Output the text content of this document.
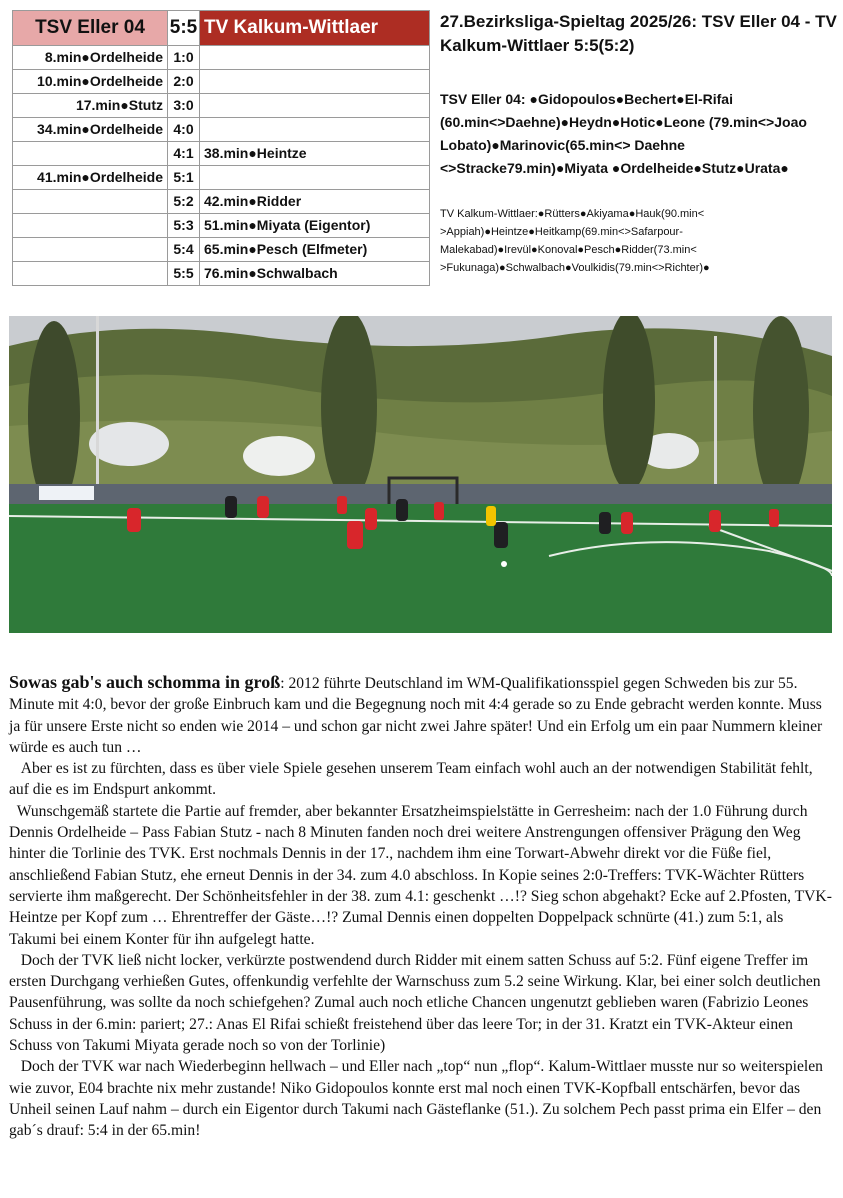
TSV Eller 04	5:5	TV Kalkum-Wittlaer
8.min●Ordelheide	1:0	
10.min●Ordelheide	2:0	
17.min●Stutz	3:0	
34.min●Ordelheide	4:0	
	4:1	38.min●Heintze
41.min●Ordelheide	5:1	
	5:2	42.min●Ridder
	5:3	51.min●Miyata (Eigentor)
	5:4	65.min●Pesch (Elfmeter)
	5:5	76.min●Schwalbach
27.Bezirksliga-Spieltag 2025/26: TSV Eller 04 - TV Kalkum-Wittlaer 5:5(5:2)
TSV Eller 04: ●Gidopoulos●Bechert●El-Rifai (60.min<>Daehne)●Heydn●Hotic●Leone (79.min<>Joao Lobato)●Marinovic(65.min<> Daehne <>Stracke79.min)●Miyata ●Ordelheide●Stutz●Urata●
TV Kalkum-Wittlaer:●Rütters●Akiyama●Hauk(90.min< >Appiah)●Heintze●Heitkamp(69.min<>Safarpour-Malekabad)●Irevül●Konoval●Pesch●Ridder(73.min< >Fukunaga)●Schwalbach●Voulkidis(79.min<>Richter)●

Sowas gab's auch schomma in groß: 2012 führte Deutschland im WM-Qualifikationsspiel gegen Schweden bis zur 55. Minute mit 4:0, bevor der große Einbruch kam und die Begegnung noch mit 4:4 gerade so zu Ende gebracht werden konnte. Muss ja für unsere Erste nicht so enden wie 2014 – und schon gar nicht zwei Jahre später! Und ein Erfolg um ein paar Nummern kleiner würde es auch tun …

Aber es ist zu fürchten, dass es über viele Spiele gesehen unserem Team einfach wohl auch an der notwendigen Stabilität fehlt, auf die es im Endspurt ankommt.

Wunschgemäß startete die Partie auf fremder, aber bekannter Ersatzheimspielstätte in Gerresheim: nach der 1.0 Führung durch Dennis Ordelheide – Pass Fabian Stutz - nach 8 Minuten fanden noch drei weitere Anstrengungen offensiver Prägung den Weg hinter die Torlinie des TVK. Erst nochmals Dennis in der 17., nachdem ihm eine Torwart-Abwehr direkt vor die Füße fiel, anschließend Fabian Stutz, ehe erneut Dennis in der 34. zum 4.0 abschloss. In Kopie seines 2:0-Treffers: TVK-Wächter Rütters servierte ihm maßgerecht. Der Schönheitsfehler in der 38. zum 4.1: geschenkt …!? Sieg schon abgehakt? Ecke auf 2.Pfosten, TVK-Heintze per Kopf zum … Ehrentreffer der Gäste…!? Zumal Dennis einen doppelten Doppelpack schnürte (41.) zum 5:1, als Takumi bei einem Konter für ihn aufgelegt hatte.

Doch der TVK ließ nicht locker, verkürzte postwendend durch Ridder mit einem satten Schuss auf 5:2. Fünf eigene Treffer im ersten Durchgang verhießen Gutes, offenkundig verfehlte der Warnschuss zum 5.2 seine Wirkung. Klar, bei einer solch deutlichen Pausenführung, was sollte da noch schiefgehen? Zumal auch noch etliche Chancen ungenutzt geblieben waren (Fabrizio Leones Schuss in der 6.min: pariert; 27.: Anas El Rifai schießt freistehend über das leere Tor; in der 31. Kratzt ein TVK-Akteur einen Schuss von Takumi Miyata gerade noch so von der Torlinie)

Doch der TVK war nach Wiederbeginn hellwach – und Eller nach „top“ nun „flop“. Kalum-Wittlaer musste nur so weiterspielen wie zuvor, E04 brachte nix mehr zustande! Niko Gidopoulos konnte erst mal noch einen TVK-Kopfball entschärfen, bevor das Unheil seinen Lauf nahm – durch ein Eigentor durch Takumi nach Gästeflanke (51.). Zu solchem Pech passt prima ein Elfer – den gab´s drauf: 5:4 in der 65.min!
